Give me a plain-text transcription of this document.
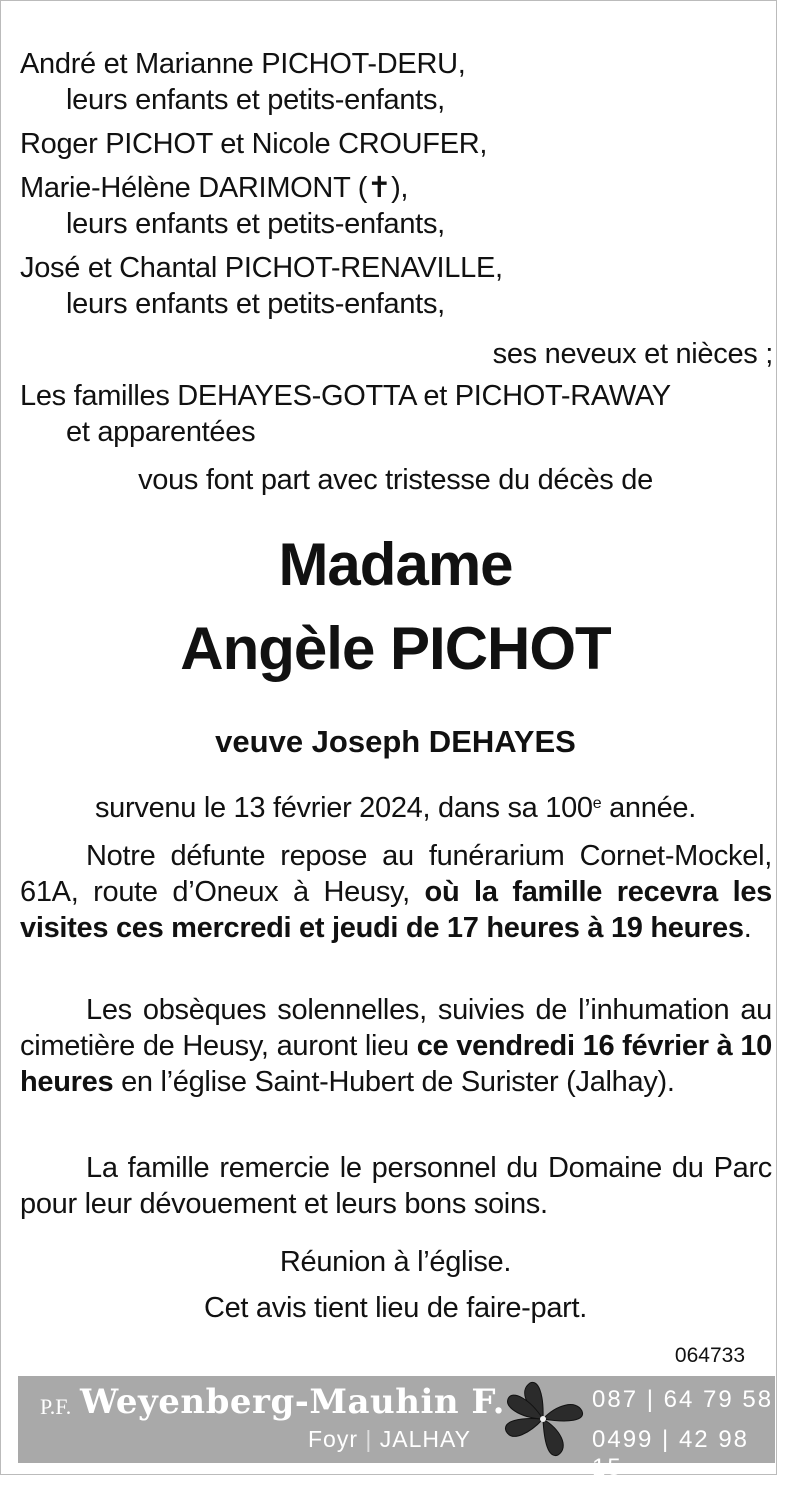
André et Marianne PICHOT-DERU,
leurs enfants et petits-enfants,
Roger PICHOT et Nicole CROUFER,
Marie-Hélène DARIMONT (✝),
leurs enfants et petits-enfants,
José et Chantal PICHOT-RENAVILLE,
leurs enfants et petits-enfants,
ses neveux et nièces ;
Les familles DEHAYES-GOTTA et PICHOT-RAWAY
et apparentées
vous font part avec tristesse du décès de
Madame
Angèle PICHOT
veuve Joseph DEHAYES
survenu le 13 février 2024, dans sa 100e année.
Notre défunte repose au funérarium Cornet-Mockel, 61A, route d’Oneux à Heusy, où la famille recevra les visites ces mercredi et jeudi de 17 heures à 19 heures.
Les obsèques solennelles, suivies de l’inhumation au cimetière de Heusy, auront lieu ce vendredi 16 février à 10 heures en l’église Saint-Hubert de Surister (Jalhay).
La famille remercie le personnel du Domaine du Parc pour leur dévouement et leurs bons soins.
Réunion à l’église.
Cet avis tient lieu de faire-part.
064733
P.F. Weyenberg-Mauhin F.
Foyr | JALHAY
087 | 64 79 58
0499 | 42 98 15
